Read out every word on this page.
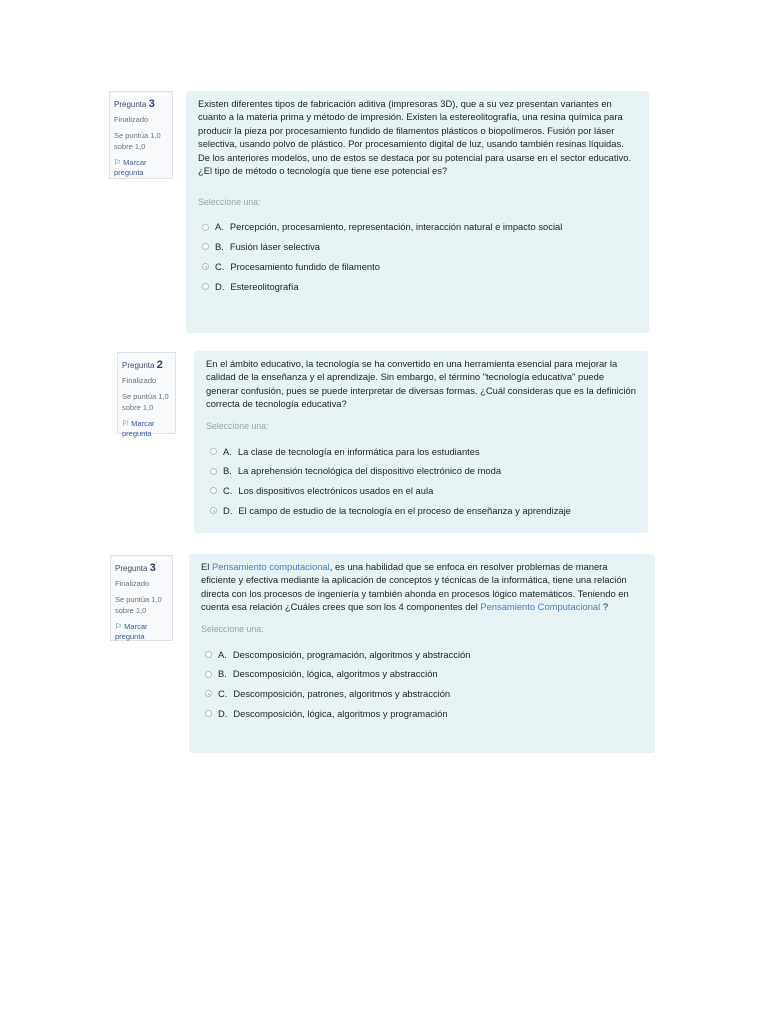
Pregunta 3
Finalizado
Se puntúa 1,0 sobre 1,0
⚐ Marcar pregunta
Existen diferentes tipos de fabricación aditiva (impresoras 3D), que a su vez presentan variantes en cuanto a la materia prima y método de impresión. Existen la estereolitografía, una resina química para producir la pieza por procesamiento fundido de filamentos plásticos o biopolímeros. Fusión por láser selectiva, usando polvo de plástico. Por procesamiento digital de luz, usando también resinas líquidas. De los anteriores modelos, uno de estos se destaca por su potencial para usarse en el sector educativo. ¿El tipo de método o tecnología que tiene ese potencial es?
Seleccione una:
A. Percepción, procesamiento, representación, interacción natural e impacto social
B. Fusión láser selectiva
C. Procesamiento fundido de filamento
D. Estereolitografía
Pregunta 2
Finalizado
Se puntúa 1,0 sobre 1,0
⚐ Marcar pregunta
En el ámbito educativo, la tecnología se ha convertido en una herramienta esencial para mejorar la calidad de la enseñanza y el aprendizaje. Sin embargo, el término "tecnología educativa" puede generar confusión, pues se puede interpretar de diversas formas. ¿Cuál consideras que es la definición correcta de tecnología educativa?
Seleccione una:
A. La clase de tecnología en informática para los estudiantes
B. La aprehensión tecnológica del dispositivo electrónico de moda
C. Los dispositivos electrónicos usados en el aula
D. El campo de estudio de la tecnología en el proceso de enseñanza y aprendizaje
Pregunta 3
Finalizado
Se puntúa 1,0 sobre 1,0
⚐ Marcar pregunta
El Pensamiento computacional, es una habilidad que se enfoca en resolver problemas de manera eficiente y efectiva mediante la aplicación de conceptos y técnicas de la informática, tiene una relación directa con los procesos de ingeniería y también ahonda en procesos lógico matemáticos. Teniendo en cuenta esa relación ¿Cuáles crees que son los 4 componentes del Pensamiento Computacional ?
Seleccione una:
A. Descomposición, programación, algoritmos y abstracción
B. Descomposición, lógica, algoritmos y abstracción
C. Descomposición, patrones, algoritmos y abstracción
D. Descomposición, lógica, algoritmos y programación
